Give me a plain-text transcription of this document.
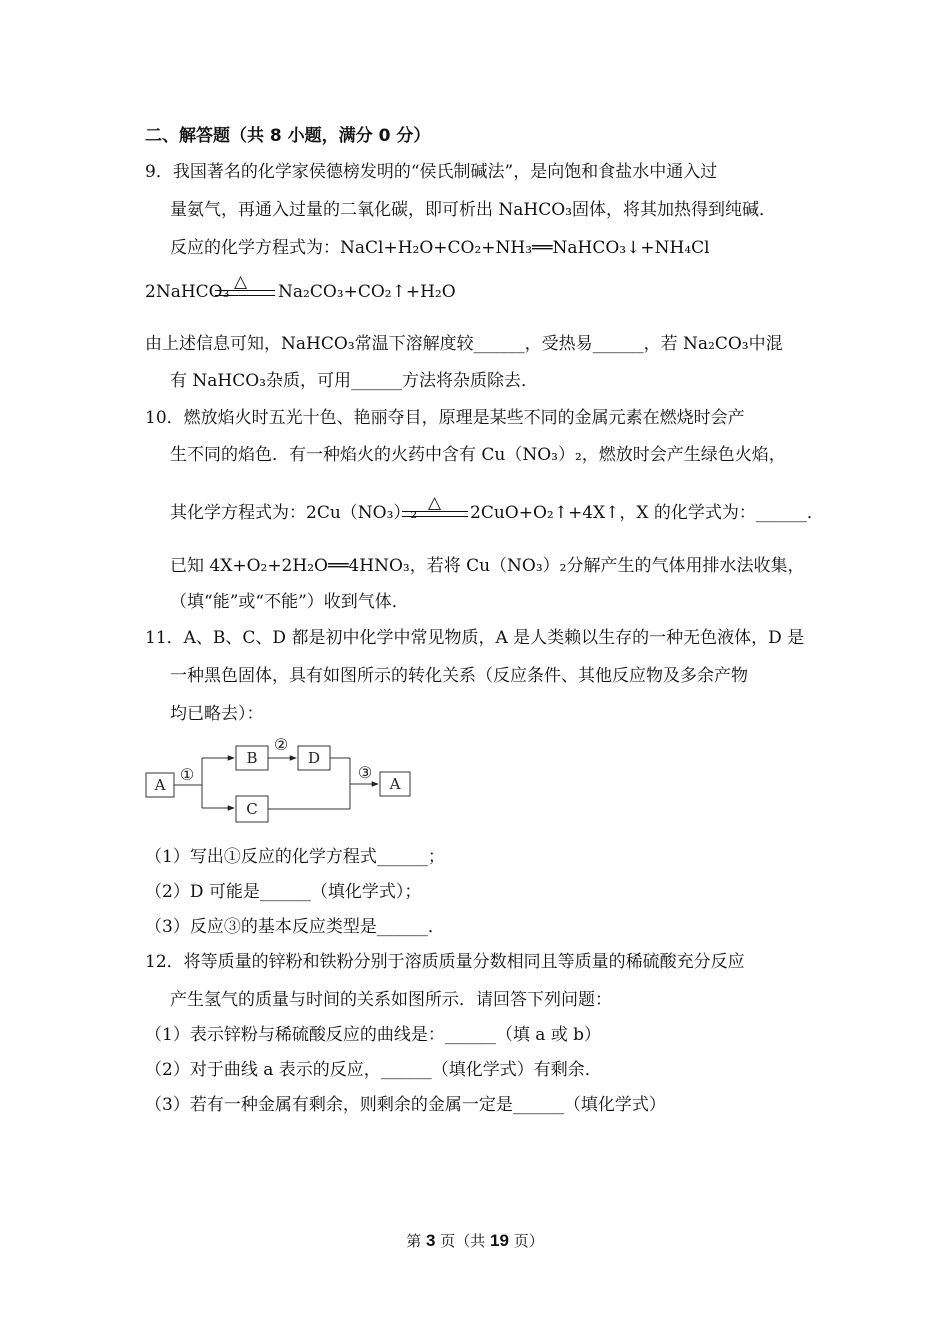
二、解答题（共 8 小题，满分 0 分）
9．我国著名的化学家侯德榜发明的“侯氏制碱法”，是向饱和食盐水中通入过
量氨气，再通入过量的二氧化碳，即可析出 NaHCO₃固体，将其加热得到纯碱．
反应的化学方程式为：NaCl+H₂O+CO₂+NH₃══NaHCO₃↓+NH₄Cl
2NaHCO₃ △ Na₂CO₃+CO₂↑+H₂O
由上述信息可知，NaHCO₃常温下溶解度较______，受热易______，若 Na₂CO₃中混
有 NaHCO₃杂质，可用______方法将杂质除去．
10．燃放焰火时五光十色、艳丽夺目，原理是某些不同的金属元素在燃烧时会产
生不同的焰色．有一种焰火的火药中含有 Cu（NO₃）₂，燃放时会产生绿色火焰，
其化学方程式为：2Cu（NO₃）₂ △ 2CuO+O₂↑+4X↑，X 的化学式为：______．
已知 4X+O₂+2H₂O══4HNO₃，若将 Cu（NO₃）₂分解产生的气体用排水法收集，
（填“能”或“不能”）收到气体．
11．A、B、C、D 都是初中化学中常见物质，A 是人类赖以生存的一种无色液体，D 是
一种黑色固体，具有如图所示的转化关系（反应条件、其他反应物及多余产物
均已略去）：
A
①
B
②
D
C
③
A
（1）写出①反应的化学方程式______；
（2）D 可能是______（填化学式）；
（3）反应③的基本反应类型是______．
12．将等质量的锌粉和铁粉分别于溶质质量分数相同且等质量的稀硫酸充分反应
产生氢气的质量与时间的关系如图所示．请回答下列问题：
（1）表示锌粉与稀硫酸反应的曲线是：______（填 a 或 b）
（2）对于曲线 a 表示的反应，______（填化学式）有剩余．
（3）若有一种金属有剩余，则剩余的金属一定是______（填化学式）
第 3 页（共 19 页）
